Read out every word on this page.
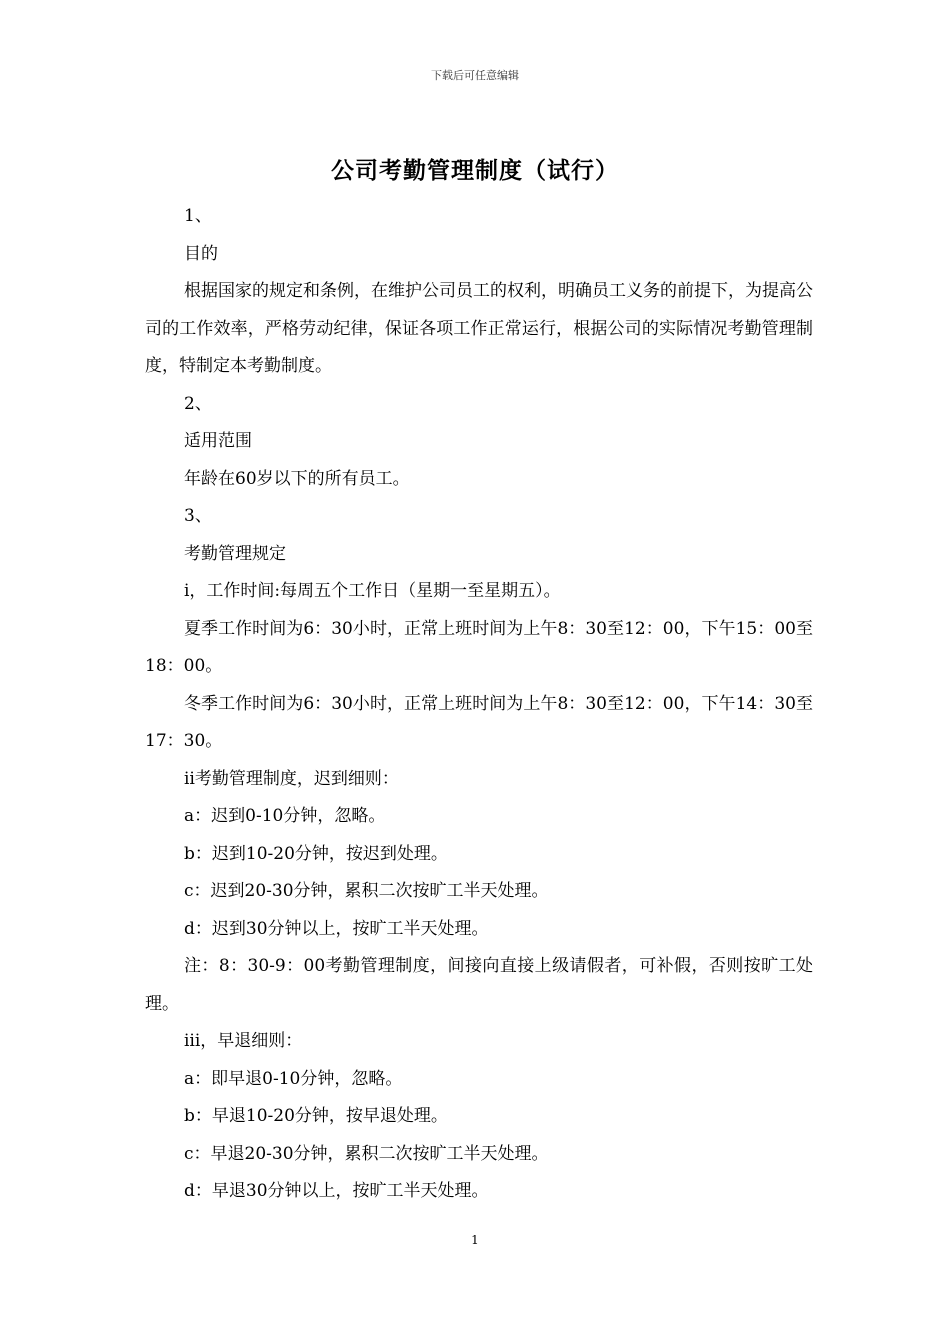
下载后可任意编辑
公司考勤管理制度（试行）
1、
目的
根据国家的规定和条例，在维护公司员工的权利，明确员工义务的前提下，为提高公司的工作效率，严格劳动纪律，保证各项工作正常运行，根据公司的实际情况考勤管理制度，特制定本考勤制度。
2、
适用范围
年龄在60岁以下的所有员工。
3、
考勤管理规定
ⅰ，工作时间:每周五个工作日（星期一至星期五）。
夏季工作时间为6：30小时，正常上班时间为上午8：30至12：00，下午15：00至18：00。
冬季工作时间为6：30小时，正常上班时间为上午8：30至12：00，下午14：30至17：30。
ⅱ考勤管理制度，迟到细则：
a：迟到0-10分钟，忽略。
b：迟到10-20分钟，按迟到处理。
c：迟到20-30分钟，累积二次按旷工半天处理。
d：迟到30分钟以上，按旷工半天处理。
注：8：30-9：00考勤管理制度，间接向直接上级请假者，可补假，否则按旷工处理。
ⅲ，早退细则：
a：即早退0-10分钟，忽略。
b：早退10-20分钟，按早退处理。
c：早退20-30分钟，累积二次按旷工半天处理。
d：早退30分钟以上，按旷工半天处理。
1
